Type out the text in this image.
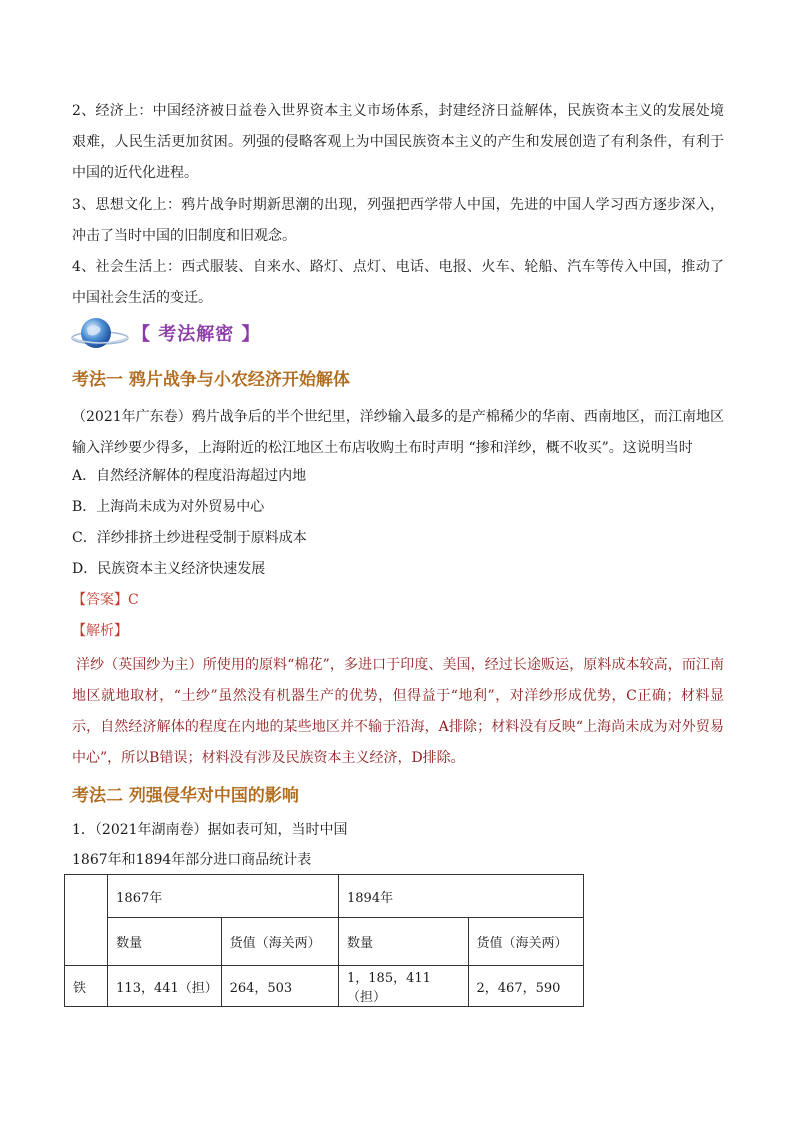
2、经济上：中国经济被日益卷入世界资本主义市场体系，封建经济日益解体，民族资本主义的发展处境艰难，人民生活更加贫困。列强的侵略客观上为中国民族资本主义的产生和发展创造了有利条件，有利于中国的近代化进程。

3、思想文化上：鸦片战争时期新思潮的出现，列强把西学带人中国，先进的中国人学习西方逐步深入，冲击了当时中国的旧制度和旧观念。

4、社会生活上：西式服装、自来水、路灯、点灯、电话、电报、火车、轮船、汽车等传入中国，推动了中国社会生活的变迁。

【 考法解密 】
考法一 鸦片战争与小农经济开始解体

（2021年广东卷）鸦片战争后的半个世纪里，洋纱输入最多的是产棉稀少的华南、西南地区，而江南地区输入洋纱要少得多，上海附近的松江地区土布店收购土布时声明 “掺和洋纱，概不收买”。这说明当时

A．自然经济解体的程度沿海超过内地

B．上海尚未成为对外贸易中心

C．洋纱排挤土纱进程受制于原料成本

D．民族资本主义经济快速发展

【答案】C

【解析】

洋纱（英国纱为主）所使用的原料“棉花”，多进口于印度、美国，经过长途贩运，原料成本较高，而江南地区就地取材，“土纱”虽然没有机器生产的优势，但得益于“地利”，对洋纱形成优势，C正确；材料显示，自然经济解体的程度在内地的某些地区并不输于沿海，A排除；材料没有反映“上海尚未成为对外贸易中心”，所以B错误；材料没有涉及民族资本主义经济，D排除。

考法二 列强侵华对中国的影响

1．（2021年湖南卷）据如表可知，当时中国

1867年和1894年部分进口商品统计表

	1867年		1894年	
	数量	货值（海关两）	数量	货值（海关两）
铁	113，441（担）	264，503	1，185，411（担）	2，467，590
